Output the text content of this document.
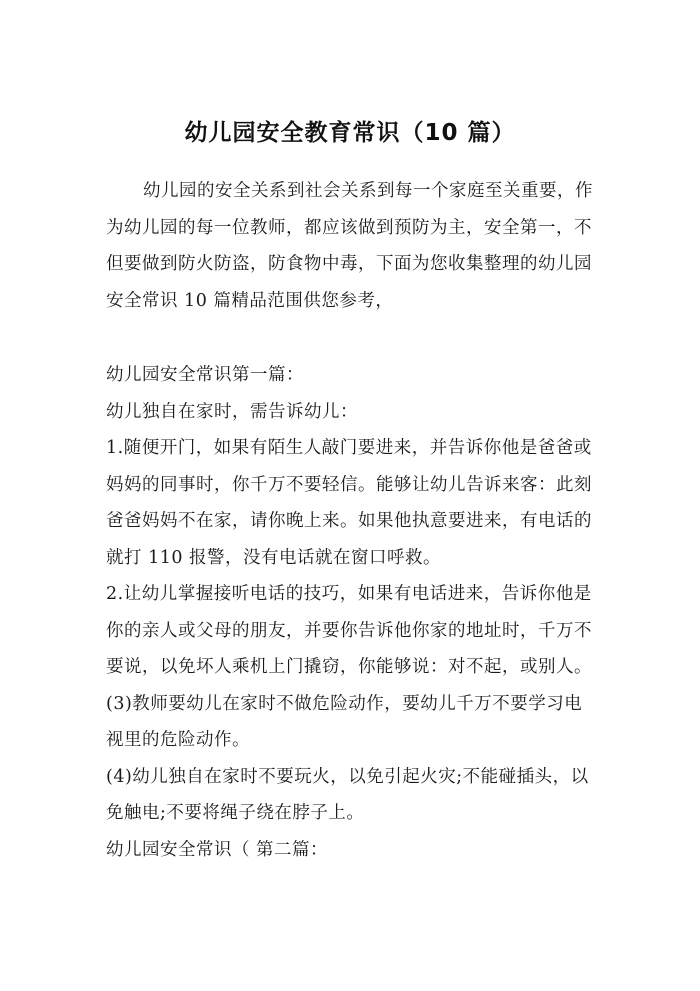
幼儿园安全教育常识（10 篇）

幼儿园的安全关系到社会关系到每一个家庭至关重要，作为幼儿园的每一位教师，都应该做到预防为主，安全第一，不但要做到防火防盗，防食物中毒，下面为您收集整理的幼儿园安全常识 10 篇精品范围供您参考，

幼儿园安全常识第一篇：

幼儿独自在家时，需告诉幼儿：

1.随便开门，如果有陌生人敲门要进来，并告诉你他是爸爸或妈妈的同事时，你千万不要轻信。能够让幼儿告诉来客：此刻爸爸妈妈不在家，请你晚上来。如果他执意要进来，有电话的就打 110 报警，没有电话就在窗口呼救。

2.让幼儿掌握接听电话的技巧，如果有电话进来，告诉你他是你的亲人或父母的朋友，并要你告诉他你家的地址时，千万不要说，以免坏人乘机上门撬窃，你能够说：对不起，或别人。

(3)教师要幼儿在家时不做危险动作，要幼儿千万不要学习电视里的危险动作。

(4)幼儿独自在家时不要玩火，以免引起火灾;不能碰插头，以免触电;不要将绳子绕在脖子上。

幼儿园安全常识（ 第二篇：
